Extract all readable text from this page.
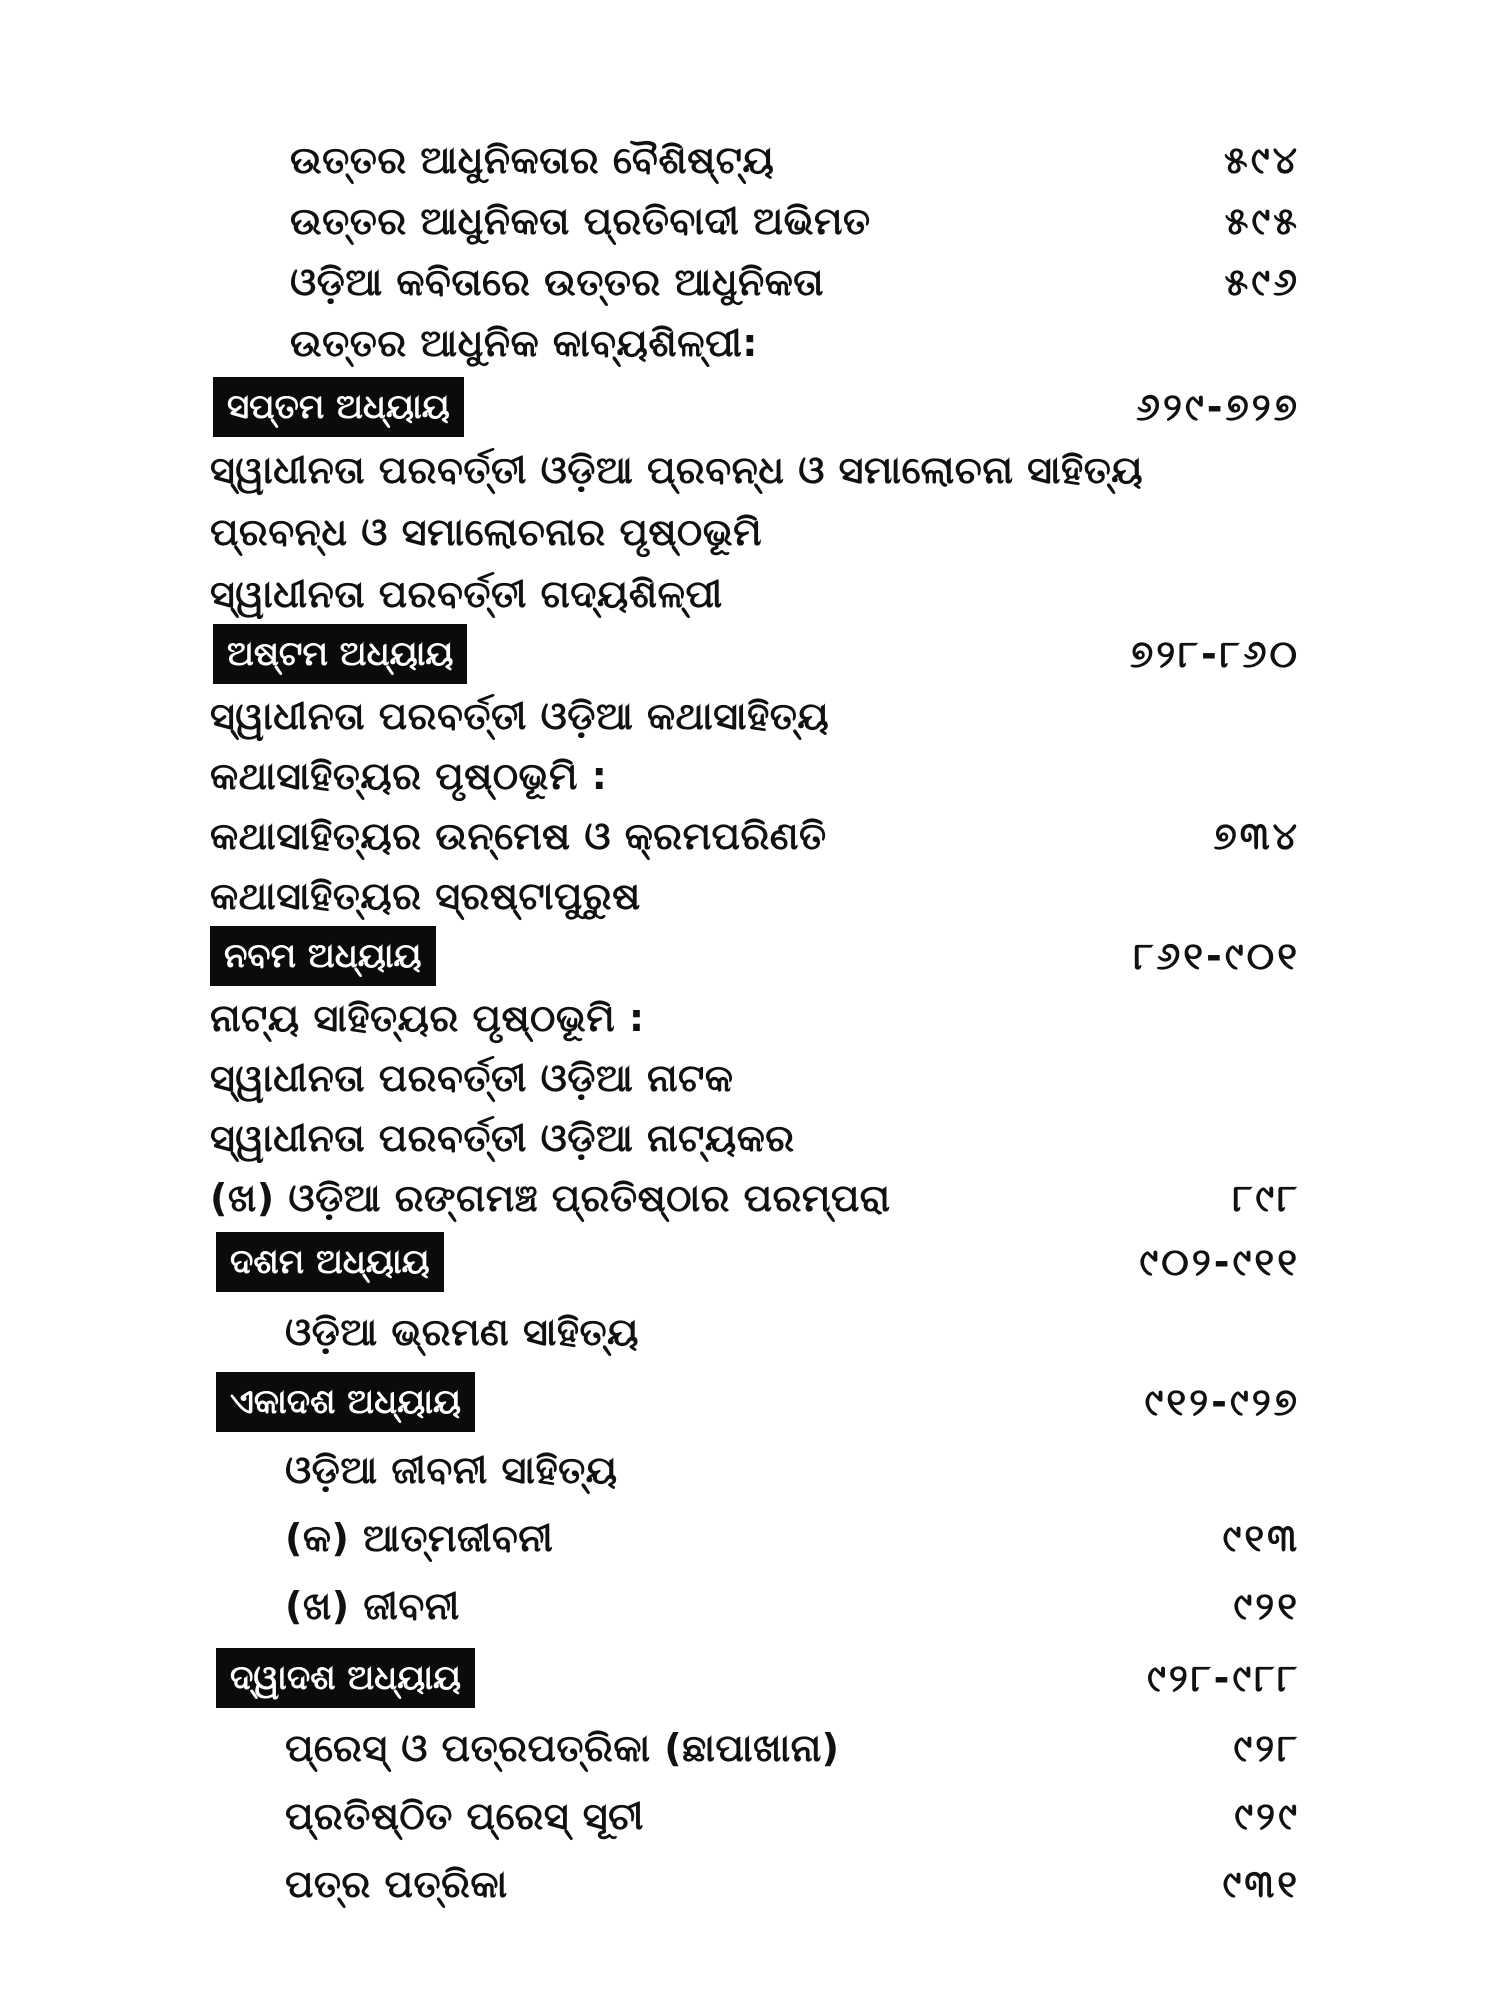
ଉତ୍ତର ଆଧୁନିକତାର ବୈଶିଷ୍ଟ୍ୟ	୫୯୪
ଉତ୍ତର ଆଧୁନିକତା ପ୍ରତିବାଦୀ ଅଭିମତ	୫୯୫
ଓଡ଼ିଆ କବିତାରେ ଉତ୍ତର ଆଧୁନିକତା	୫୯୬
ଉତ୍ତର ଆଧୁନିକ କାବ୍ୟଶିଳ୍ପୀ:
ସପ୍ତମ ଅଧ୍ୟାୟ	୬୨୯-୭୨୭
ସ୍ୱାଧୀନତା ପରବର୍ତ୍ତୀ ଓଡ଼ିଆ ପ୍ରବନ୍ଧ ଓ ସମାଲୋଚନା ସାହିତ୍ୟ
ପ୍ରବନ୍ଧ ଓ ସମାଲୋଚନାର ପୃଷ୍ଠଭୂମି
ସ୍ୱାଧୀନତା ପରବର୍ତ୍ତୀ ଗଦ୍ୟଶିଳ୍ପୀ
ଅଷ୍ଟମ ଅଧ୍ୟାୟ	୭୨୮-୮୬୦
ସ୍ୱାଧୀନତା ପରବର୍ତ୍ତୀ ଓଡ଼ିଆ କଥାସାହିତ୍ୟ
କଥାସାହିତ୍ୟର ପୃଷ୍ଠଭୂମି :
କଥାସାହିତ୍ୟର ଉନ୍ମେଷ ଓ କ୍ରମପରିଣତି	୭୩୪
କଥାସାହିତ୍ୟର ସ୍ରଷ୍ଟାପୁରୁଷ
ନବମ ଅଧ୍ୟାୟ	୮୬୧-୯୦୧
ନାଟ୍ୟ ସାହିତ୍ୟର ପୃଷ୍ଠଭୂମି :
ସ୍ୱାଧୀନତା ପରବର୍ତ୍ତୀ ଓଡ଼ିଆ ନାଟକ
ସ୍ୱାଧୀନତା ପରବର୍ତ୍ତୀ ଓଡ଼ିଆ ନାଟ୍ୟକର
(ଖ) ଓଡ଼ିଆ ରଙ୍ଗମଞ୍ଚ ପ୍ରତିଷ୍ଠାର ପରମ୍ପରା	୮୯୮
ଦଶମ ଅଧ୍ୟାୟ	୯୦୨-୯୧୧
ଓଡ଼ିଆ ଭ୍ରମଣ ସାହିତ୍ୟ
ଏକାଦଶ ଅଧ୍ୟାୟ	୯୧୨-୯୨୭
ଓଡ଼ିଆ ଜୀବନୀ ସାହିତ୍ୟ
(କ) ଆତ୍ମଜୀବନୀ	୯୧୩
(ଖ) ଜୀବନୀ	୯୨୧
ଦ୍ୱାଦଶ ଅଧ୍ୟାୟ	୯୨୮-୯୮୮
ପ୍ରେସ୍ ଓ ପତ୍ରପତ୍ରିକା (ଛାପାଖାନା)	୯୨୮
ପ୍ରତିଷ୍ଠିତ ପ୍ରେସ୍ ସୂଚୀ	୯୨୯
ପତ୍ର ପତ୍ରିକା	୯୩୧
